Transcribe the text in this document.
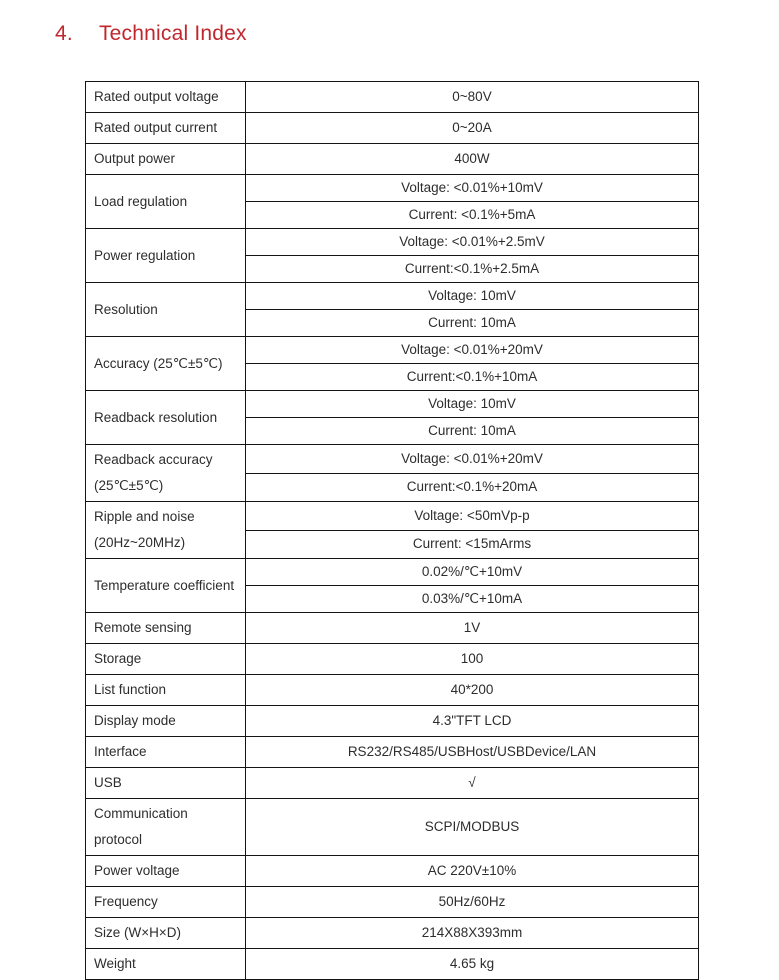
4. Technical Index
Rated output voltage	0~80V
Rated output current	0~20A
Output power	400W
Load regulation	Voltage: <0.01%+10mV
	Current: <0.1%+5mA
Power regulation	Voltage: <0.01%+2.5mV
	Current:<0.1%+2.5mA
Resolution	Voltage: 10mV
	Current: 10mA
Accuracy (25℃±5℃)	Voltage: <0.01%+20mV
	Current:<0.1%+10mA
Readback resolution	Voltage: 10mV
	Current: 10mA
Readback accuracy (25℃±5℃)	Voltage: <0.01%+20mV
	Current:<0.1%+20mA
Ripple and noise (20Hz~20MHz)	Voltage: <50mVp-p
	Current: <15mArms
Temperature coefficient	0.02%/℃+10mV
	0.03%/℃+10mA
Remote sensing	1V
Storage	100
List function	40*200
Display mode	4.3"TFT LCD
Interface	RS232/RS485/USBHost/USBDevice/LAN
USB	√
Communication protocol	SCPI/MODBUS
Power voltage	AC 220V±10%
Frequency	50Hz/60Hz
Size (W×H×D)	214X88X393mm
Weight	4.65 kg
